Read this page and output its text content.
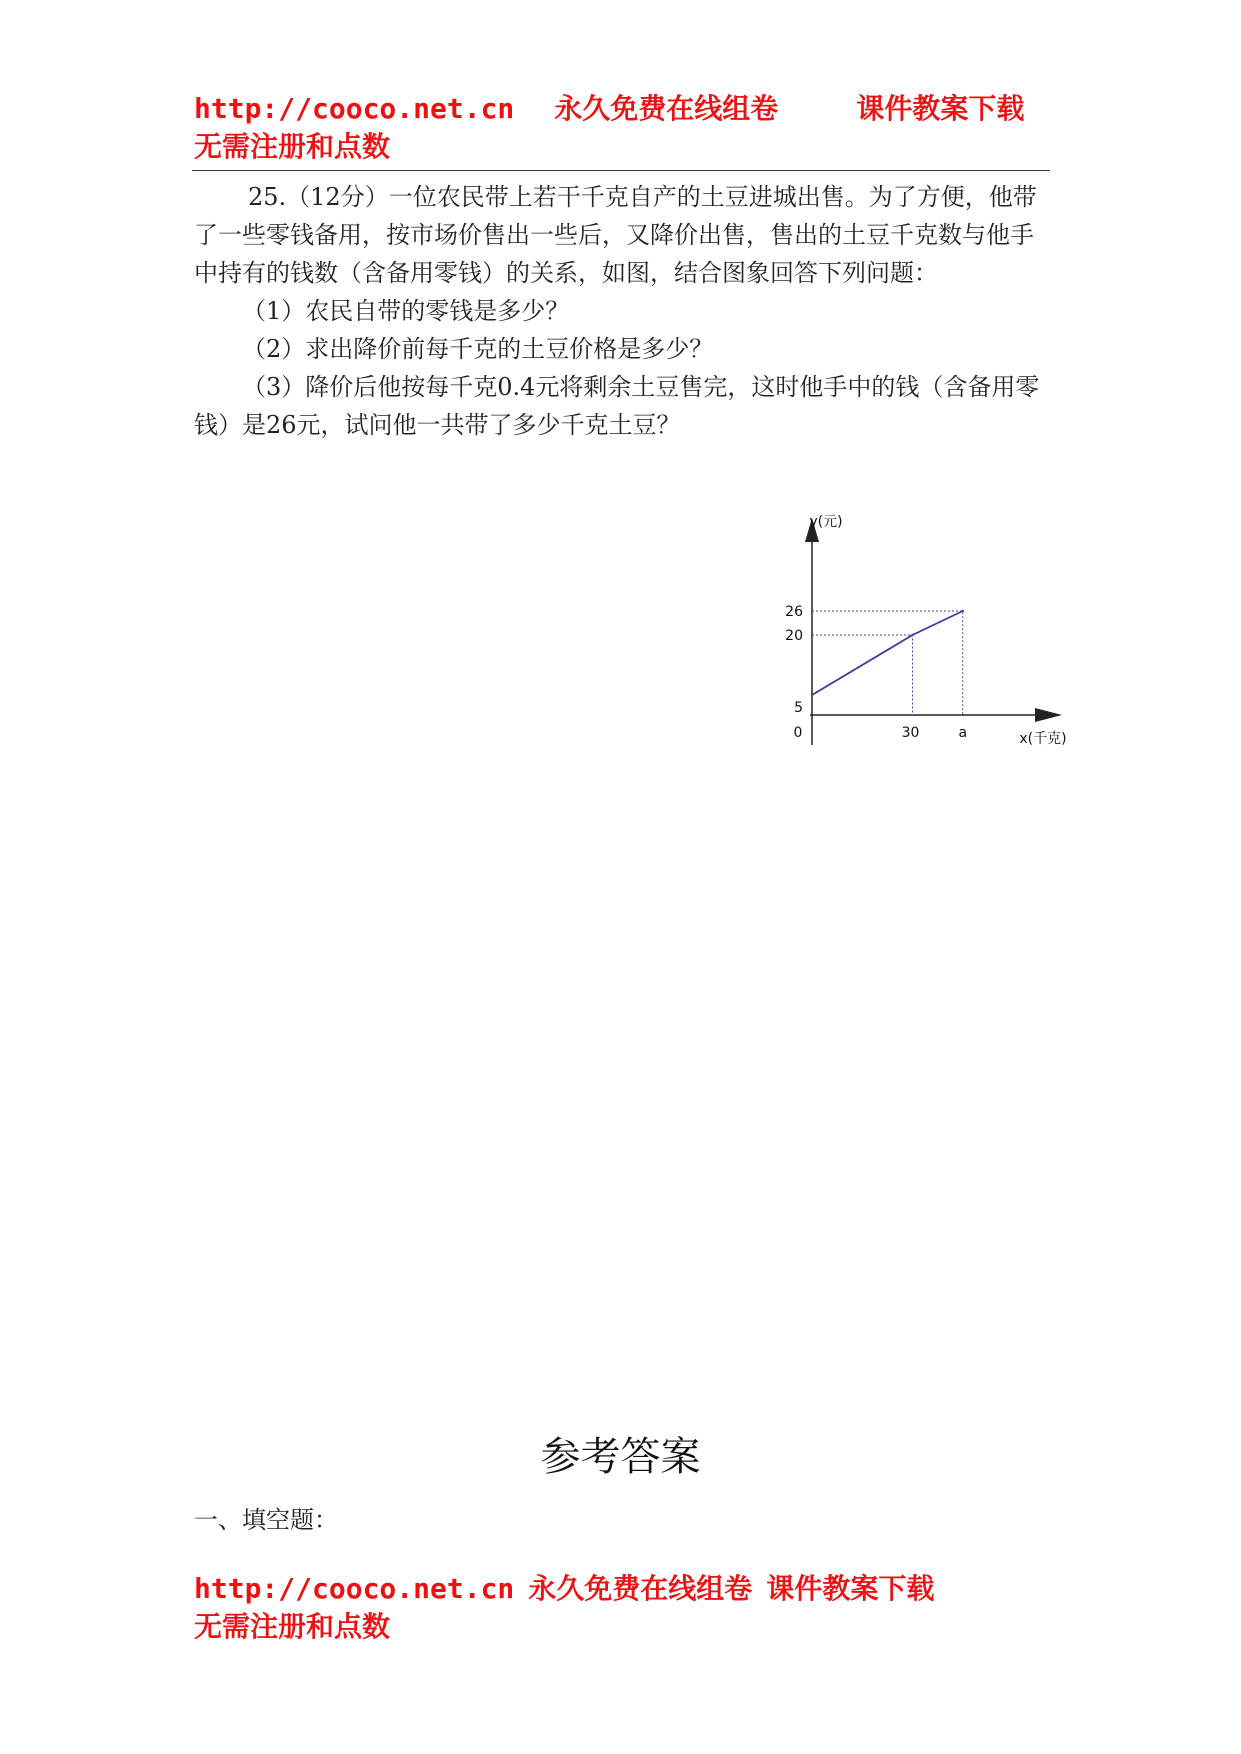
http://cooco.net.cn 永久免费在线组卷	课件教案下载
无需注册和点数

25.（12分）一位农民带上若干千克自产的土豆进城出售。为了方便，他带了一些零钱备用，按市场价售出一些后，又降价出售，售出的土豆千克数与他手中持有的钱数（含备用零钱）的关系，如图，结合图象回答下列问题：

（1）农民自带的零钱是多少？

（2）求出降价前每千克的土豆价格是多少？

（3）降价后他按每千克0.4元将剩余土豆售完，这时他手中的钱（含备用零钱）是26元，试问他一共带了多少千克土豆？

y(元)
x(千克)
0	30	a
5
20
26
参考答案
一、填空题：
http://cooco.net.cn 永久免费在线组卷 课件教案下载
无需注册和点数
